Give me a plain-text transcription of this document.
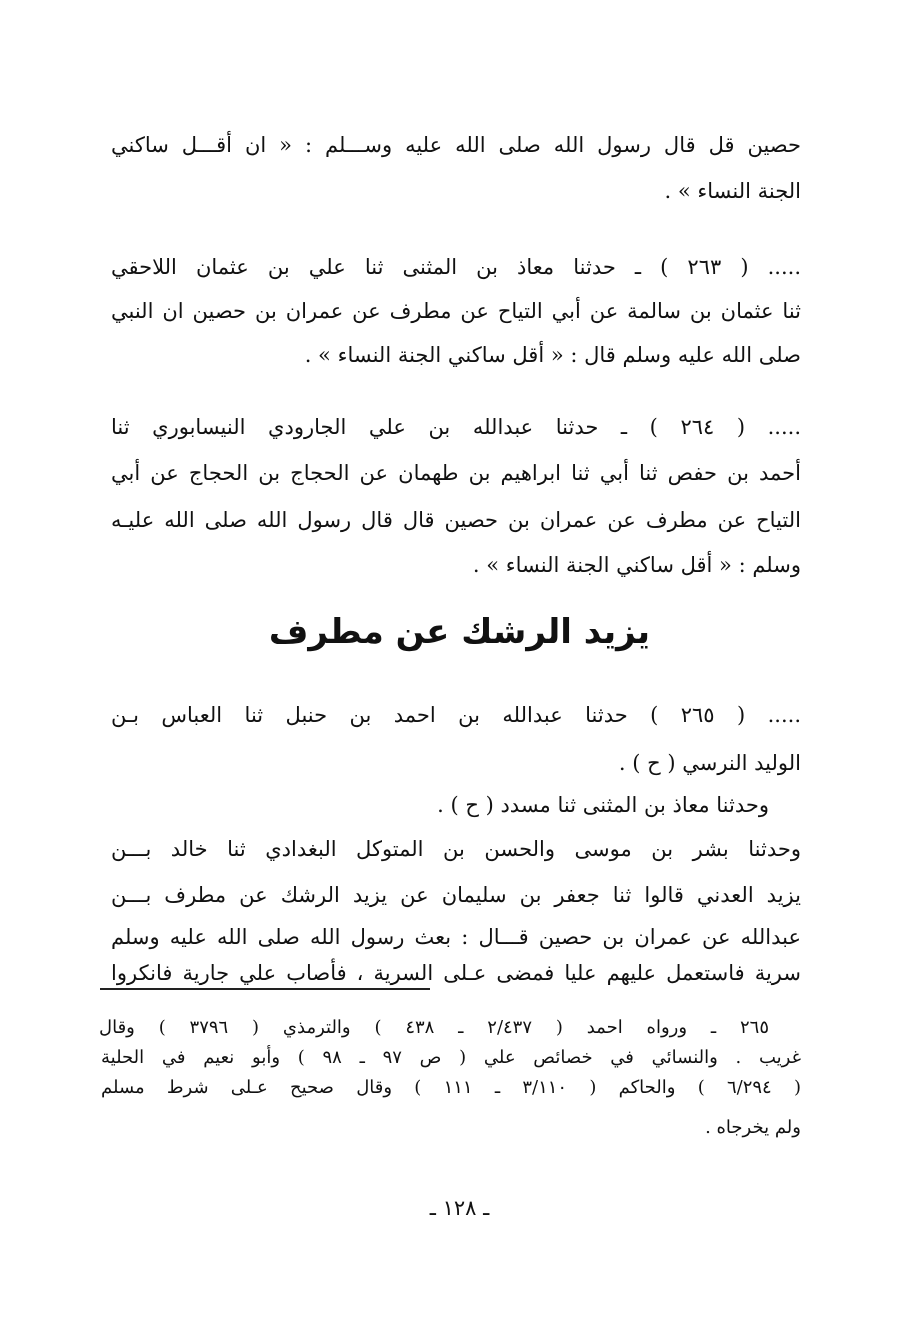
حصين قل قال رسول الله صلى الله عليه وســـلم : « ان أقـــل ساكني
الجنة النساء » .
..... ( ٢٦٣ ) ـ حدثنا معاذ بن المثنى ثنا علي بن عثمان اللاحقي
ثنا عثمان بن سالمة عن أبي التياح عن مطرف عن عمران بن حصين ان النبي
صلى الله عليه وسلم قال : « أقل ساكني الجنة النساء » .
..... ( ٢٦٤ ) ـ حدثنا عبدالله بن علي الجارودي النيسابوري ثنا
أحمد بن حفص ثنا أبي ثنا ابراهيم بن طهمان عن الحجاج بن الحجاج عن أبي
التياح عن مطرف عن عمران بن حصين قال قال رسول الله صلى الله عليـه
وسلم : « أقل ساكني الجنة النساء » .
يزيد الرشك عن مطرف
..... ( ٢٦٥ ) حدثنا عبدالله بن احمد بن حنبل ثنا العباس بـن
الوليد النرسي ( ح ) .
وحدثنا معاذ بن المثنى ثنا مسدد ( ح ) .
وحدثنا بشر بن موسى والحسن بن المتوكل البغدادي ثنا خالد بـــن
يزيد العدني قالوا ثنا جعفر بن سليمان عن يزيد الرشك عن مطرف بـــن
عبدالله عن عمران بن حصين قـــال : بعث رسول الله صلى الله عليه وسلم
سرية فاستعمل عليهم عليا فمضى عـلى السرية ، فأصاب علي جارية فانكروا
٢٦٥ ـ ورواه احمد ( ٢/٤٣٧ ـ ٤٣٨ ) والترمذي ( ٣٧٩٦ ) وقال
غريب . والنسائي في خصائص علي ( ص ٩٧ ـ ٩٨ ) وأبو نعيم في الحلية
( ٦/٢٩٤ ) والحاكم ( ٣/١١٠ ـ ١١١ ) وقال صحيح عـلى شرط مسلم
ولم يخرجاه .
ـ ١٢٨ ـ
